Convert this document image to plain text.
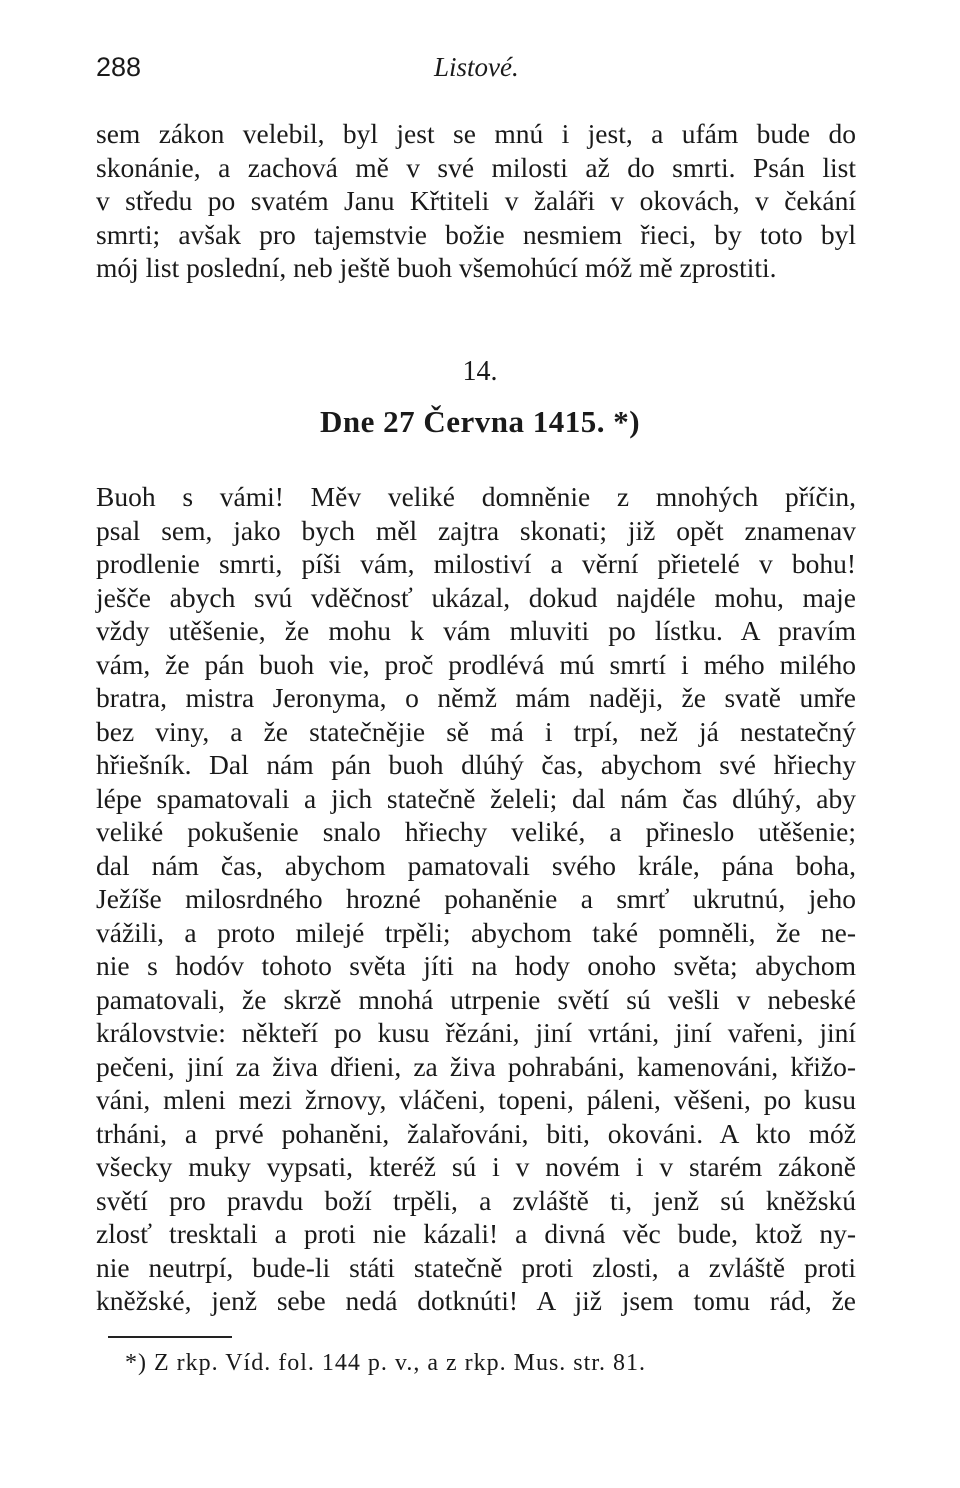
288	Listové.
sem zákon velebil, byl jest se mnú i jest, a ufám bude do
skonánie, a zachová mě v své milosti až do smrti. Psán list
v středu po svatém Janu Křtiteli v žaláři v okovách, v čekání
smrti; avšak pro tajemstvie božie nesmiem řieci, by toto byl
mój list poslední, neb ještě buoh všemohúcí móž mě zprostiti.
14.
Dne 27 Června 1415. *)
Buoh s vámi! Měv veliké domněnie z mnohých příčin,
psal sem, jako bych měl zajtra skonati; již opět znamenav
prodlenie smrti, píši vám, milostiví a věrní přietelé v bohu!
ješče abych svú vděčnosť ukázal, dokud najdéle mohu, maje
vždy utěšenie, že mohu k vám mluviti po lístku. A pravím
vám, že pán buoh vie, proč prodlévá mú smrtí i mého milého
bratra, mistra Jeronyma, o němž mám naději, že svatě umře
bez viny, a že statečnějie sě má i trpí, než já nestatečný
hřiešník. Dal nám pán buoh dlúhý čas, abychom své hřiechy
lépe spamatovali a jich statečně želeli; dal nám čas dlúhý, aby
veliké pokušenie snalo hřiechy veliké, a přineslo utěšenie;
dal nám čas, abychom pamatovali svého krále, pána boha,
Ježíše milosrdného hrozné pohaněnie a smrť ukrutnú, jeho
vážili, a proto milejé trpěli; abychom také pomněli, že ne-
nie s hodóv tohoto světa jíti na hody onoho světa; abychom
pamatovali, že skrzě mnohá utrpenie světí sú vešli v nebeské
královstvie: někteří po kusu řězáni, jiní vrtáni, jiní vařeni, jiní
pečeni, jiní za živa dřieni, za živa pohrabáni, kamenováni, křižo-
váni, mleni mezi žrnovy, vláčeni, topeni, páleni, věšeni, po kusu
trháni, a prvé pohaněni, žalařováni, biti, okováni. A kto móž
všecky muky vypsati, kteréž sú i v novém i v starém zákoně
světí pro pravdu boží trpěli, a zvláště ti, jenž sú kněžskú
zlosť tresktali a proti nie kázali! a divná věc bude, ktož ny-
nie neutrpí, bude-li státi statečně proti zlosti, a zvláště proti
kněžské, jenž sebe nedá dotknúti! A již jsem tomu rád, že
*) Z rkp. Víd. fol. 144 p. v., a z rkp. Mus. str. 81.
